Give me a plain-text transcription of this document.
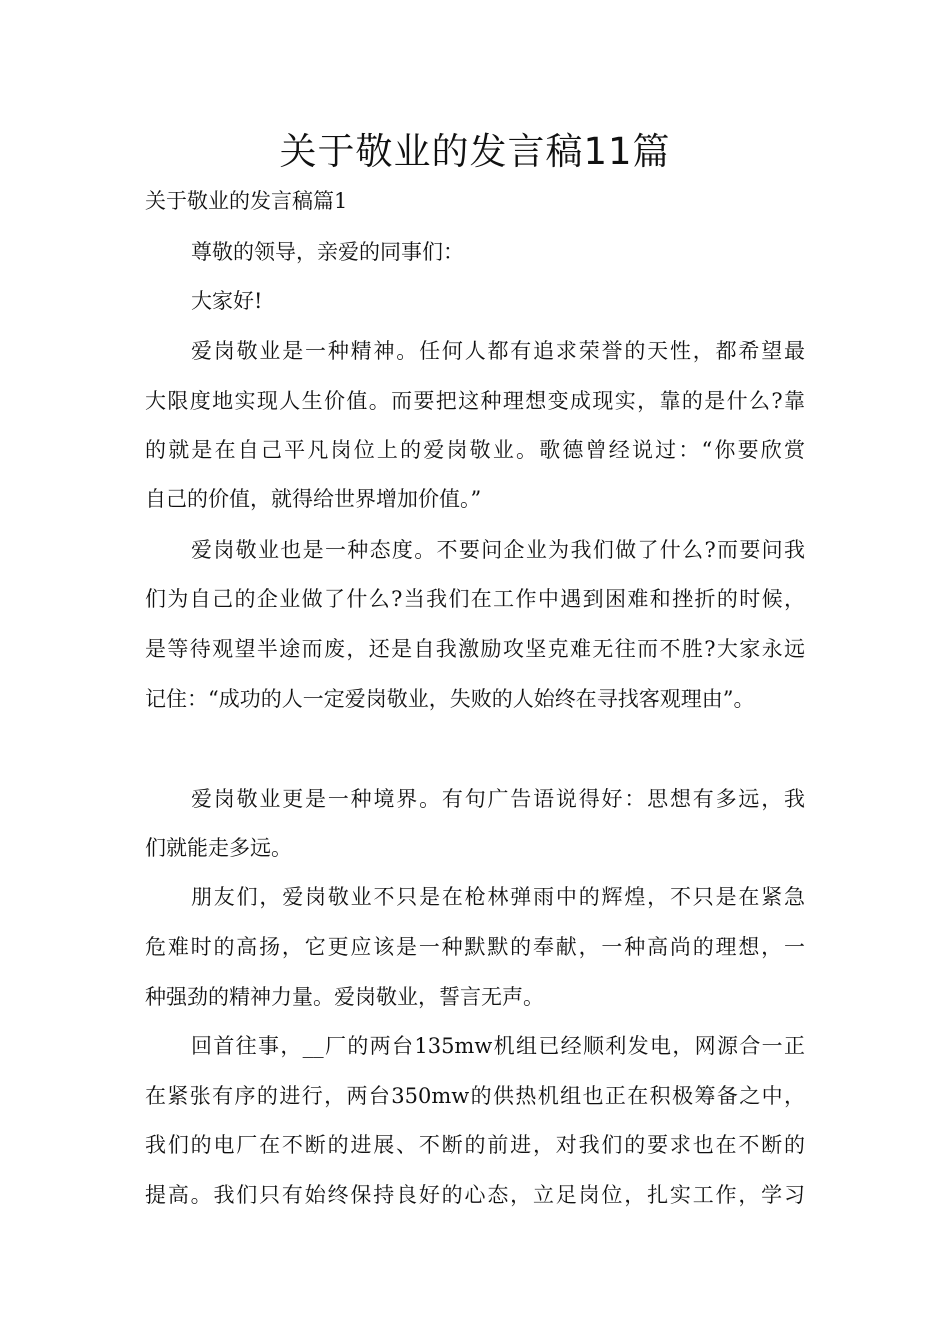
关于敬业的发言稿11篇
关于敬业的发言稿篇1
尊敬的领导，亲爱的同事们：
大家好!
爱岗敬业是一种精神。任何人都有追求荣誉的天性，都希望最
大限度地实现人生价值。而要把这种理想变成现实，靠的是什么?靠
的就是在自己平凡岗位上的爱岗敬业。歌德曾经说过：“你要欣赏
自己的价值，就得给世界增加价值。”
爱岗敬业也是一种态度。不要问企业为我们做了什么?而要问我
们为自己的企业做了什么?当我们在工作中遇到困难和挫折的时候，
是等待观望半途而废，还是自我激励攻坚克难无往而不胜?大家永远
记住：“成功的人一定爱岗敬业，失败的人始终在寻找客观理由”。
爱岗敬业更是一种境界。有句广告语说得好：思想有多远，我
们就能走多远。
朋友们，爱岗敬业不只是在枪林弹雨中的辉煌，不只是在紧急
危难时的高扬，它更应该是一种默默的奉献，一种高尚的理想，一
种强劲的精神力量。爱岗敬业，誓言无声。
回首往事，__厂的两台135mw机组已经顺利发电，网源合一正
在紧张有序的进行，两台350mw的供热机组也正在积极筹备之中，
我们的电厂在不断的进展、不断的前进，对我们的要求也在不断的
提高。我们只有始终保持良好的心态，立足岗位，扎实工作，学习
